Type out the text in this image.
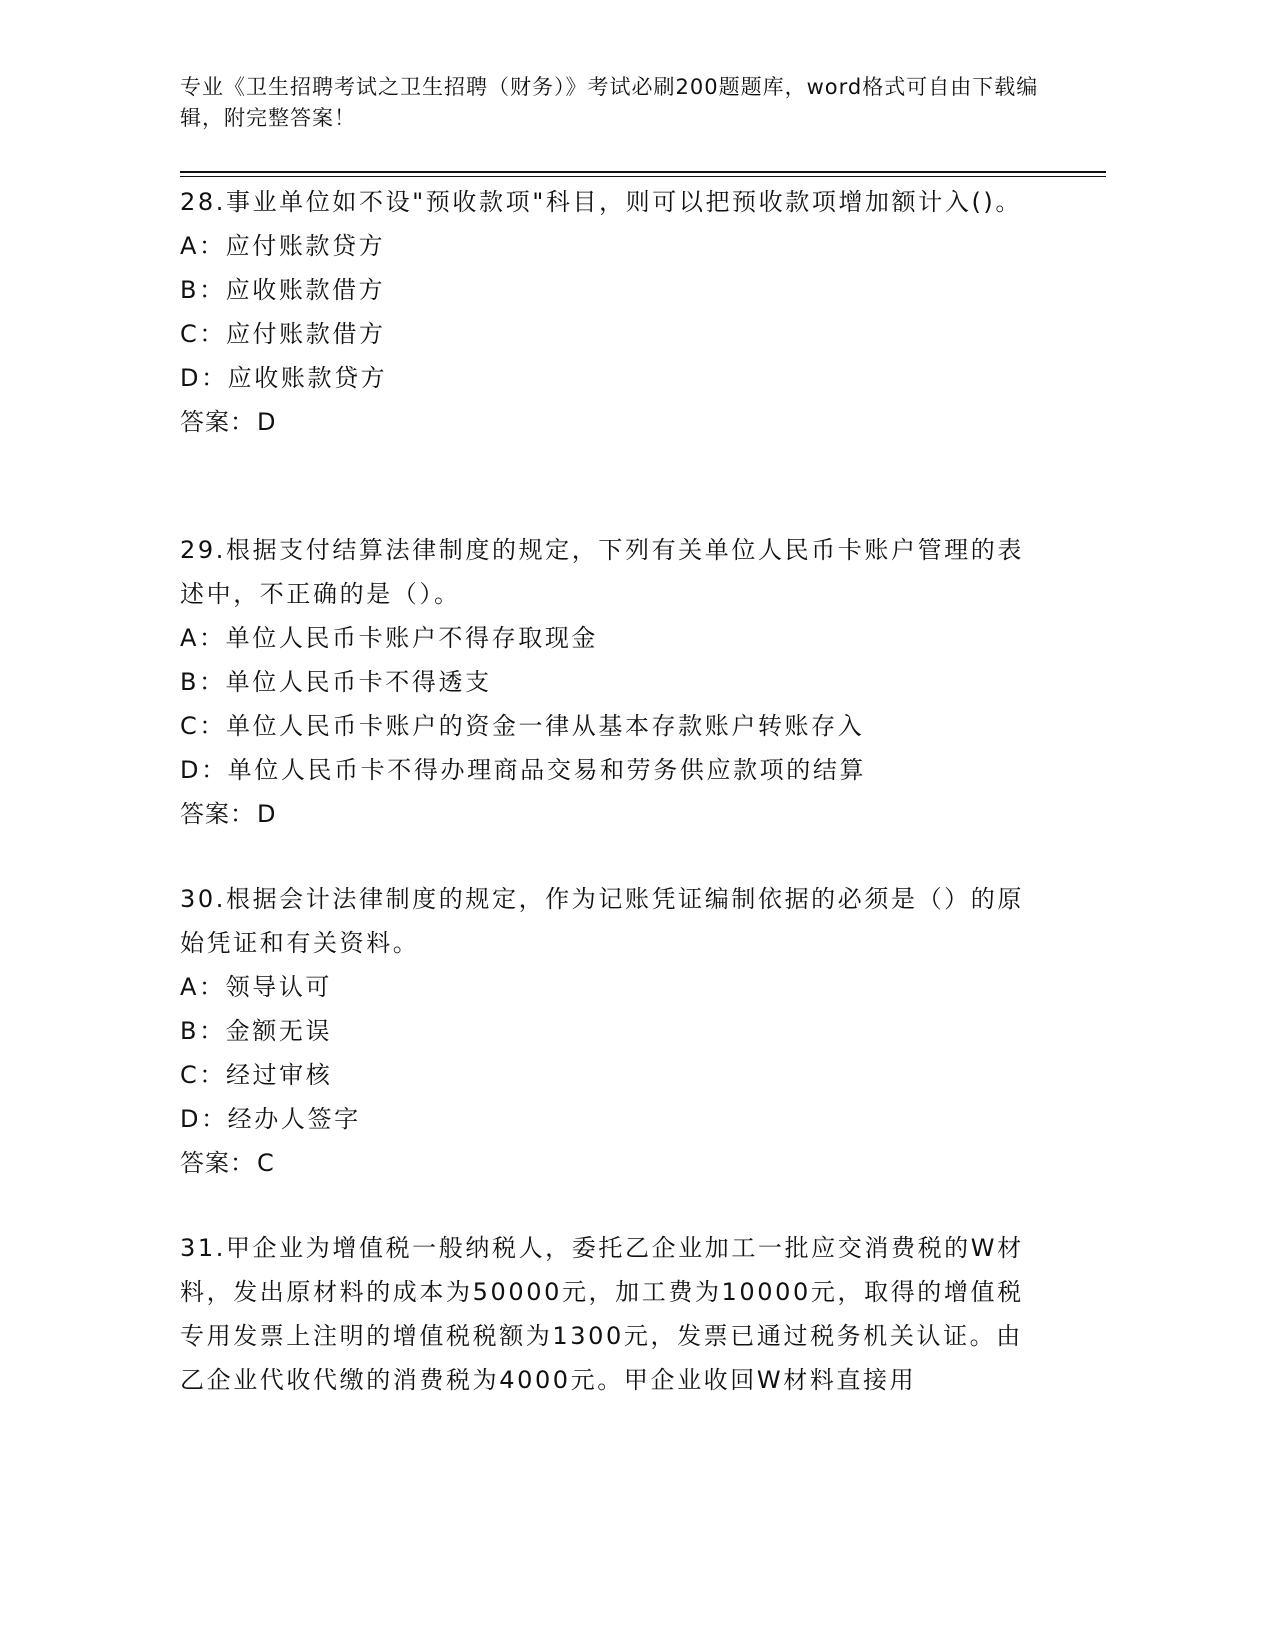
专业《卫生招聘考试之卫生招聘（财务）》考试必刷200题题库，word格式可自由下载编辑，附完整答案！

28.事业单位如不设"预收款项"科目，则可以把预收款项增加额计入()。

A：应付账款贷方

B：应收账款借方

C：应付账款借方

D：应收账款贷方

答案：D

29.根据支付结算法律制度的规定，下列有关单位人民币卡账户管理的表述中，不正确的是（）。

A：单位人民币卡账户不得存取现金

B：单位人民币卡不得透支

C：单位人民币卡账户的资金一律从基本存款账户转账存入

D：单位人民币卡不得办理商品交易和劳务供应款项的结算

答案：D

30.根据会计法律制度的规定，作为记账凭证编制依据的必须是（）的原始凭证和有关资料。

A：领导认可

B：金额无误

C：经过审核

D：经办人签字

答案：C

31.甲企业为增值税一般纳税人，委托乙企业加工一批应交消费税的W材料，发出原材料的成本为50000元，加工费为10000元，取得的增值税专用发票上注明的增值税税额为1300元，发票已通过税务机关认证。由乙企业代收代缴的消费税为4000元。甲企业收回W材料直接用
